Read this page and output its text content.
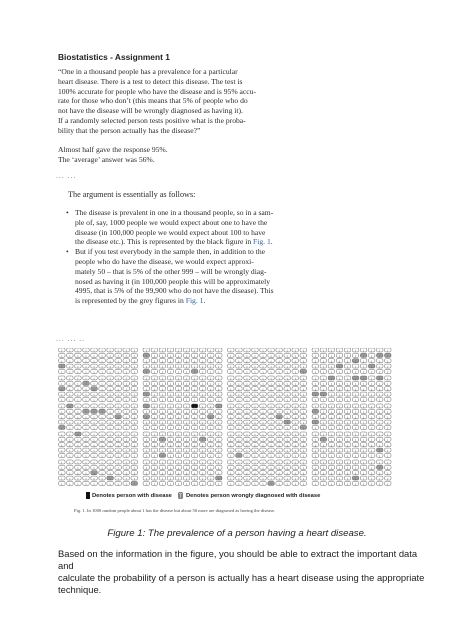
Biostatistics - Assignment 1

“One in a thousand people has a prevalence for a particular

heart disease. There is a test to detect this disease. The test is

100% accurate for people who have the disease and is 95% accu-

rate for those who don’t (this means that 5% of people who do

not have the disease will be wrongly diagnosed as having it).

If a randomly selected person tests positive what is the proba-

bility that the person actually has the disease?”

Almost half gave the response 95%.

The ‘average’ answer was 56%.

... ...
The argument is essentially as follows:
• The disease is prevalent in one in a thousand people, so in a sam-
ple of, say, 1000 people we would expect about one to have the
disease (in 100,000 people we would expect about 100 to have
the disease etc.). This is represented by the black figure in Fig. 1.
• But if you test everybody in the sample then, in addition to the
people who do have the disease, we would expect approxi-
mately 50 – that is 5% of the other 999 – will be wrongly diag-
nosed as having it (in 100,000 people this will be approximately
4995, that is 5% of the 99,900 who do not have the disease). This
is represented by the grey figures in Fig. 1.
... ... ..
Denotes person with disease Denotes person wrongly diagnosed with disease
Fig. 1. In 1000 random people about 1 has the disease but about 50 more are diagnosed as having the disease.
Figure 1: The prevalence of a person having a heart disease.
Based on the information in the figure, you should be able to extract the important data and
calculate the probability of a person is actually has a heart disease using the appropriate
technique.
